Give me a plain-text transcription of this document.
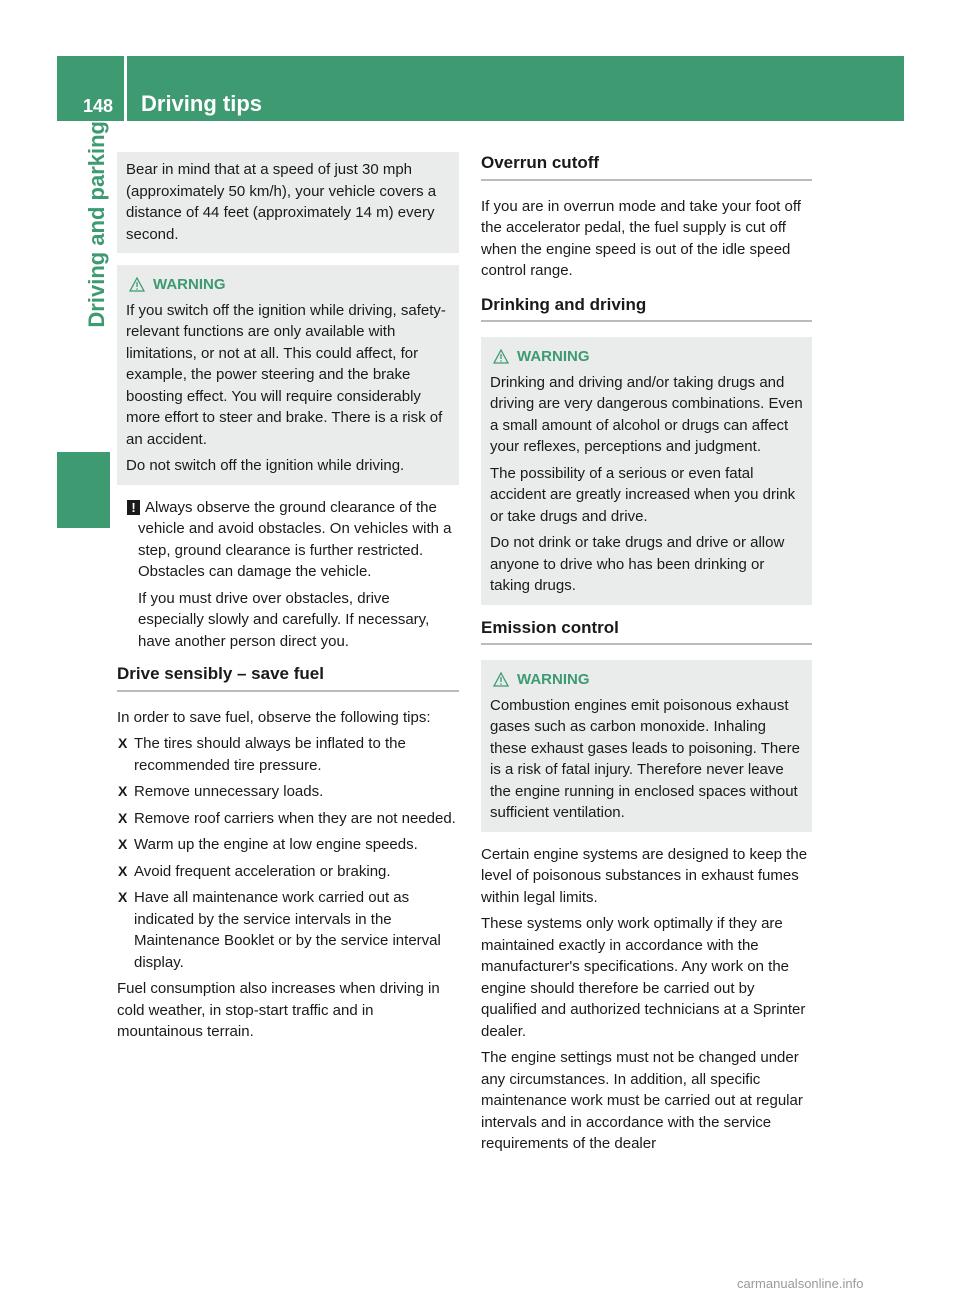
148 Driving tips
Driving and parking Bear in mind that at a speed of just 30 mph (approximately 50 km/h), your vehicle covers a distance of 44 feet (approximately 14 m) every second.

WARNING

If you switch off the ignition while driving, safety-relevant functions are only available with limitations, or not at all. This could affect, for example, the power steering and the brake boosting effect. You will require considerably more effort to steer and brake. There is a risk of an accident.

Do not switch off the ignition while driving.

! Always observe the ground clearance of the vehicle and avoid obstacles. On vehicles with a step, ground clearance is further restricted. Obstacles can damage the vehicle.

If you must drive over obstacles, drive especially slowly and carefully. If necessary, have another person direct you.

Drive sensibly – save fuel

In order to save fuel, observe the following tips:

X The tires should always be inflated to the recommended tire pressure.
X Remove unnecessary loads.
X Remove roof carriers when they are not needed.
X Warm up the engine at low engine speeds.
X Avoid frequent acceleration or braking.
X Have all maintenance work carried out as indicated by the service intervals in the Maintenance Booklet or by the service interval display.

Fuel consumption also increases when driving in cold weather, in stop-start traffic and in mountainous terrain.

Overrun cutoff

If you are in overrun mode and take your foot off the accelerator pedal, the fuel supply is cut off when the engine speed is out of the idle speed control range.

Drinking and driving
WARNING

Drinking and driving and/or taking drugs and driving are very dangerous combinations. Even a small amount of alcohol or drugs can affect your reflexes, perceptions and judgment.

The possibility of a serious or even fatal accident are greatly increased when you drink or take drugs and drive.

Do not drink or take drugs and drive or allow anyone to drive who has been drinking or taking drugs.

Emission control
WARNING

Combustion engines emit poisonous exhaust gases such as carbon monoxide. Inhaling these exhaust gases leads to poisoning. There is a risk of fatal injury. Therefore never leave the engine running in enclosed spaces without sufficient ventilation.

Certain engine systems are designed to keep the level of poisonous substances in exhaust fumes within legal limits.

These systems only work optimally if they are maintained exactly in accordance with the manufacturer's specifications. Any work on the engine should therefore be carried out by qualified and authorized technicians at a Sprinter dealer.

The engine settings must not be changed under any circumstances. In addition, all specific maintenance work must be carried out at regular intervals and in accordance with the service requirements of the dealer

carmanualsonline.info
